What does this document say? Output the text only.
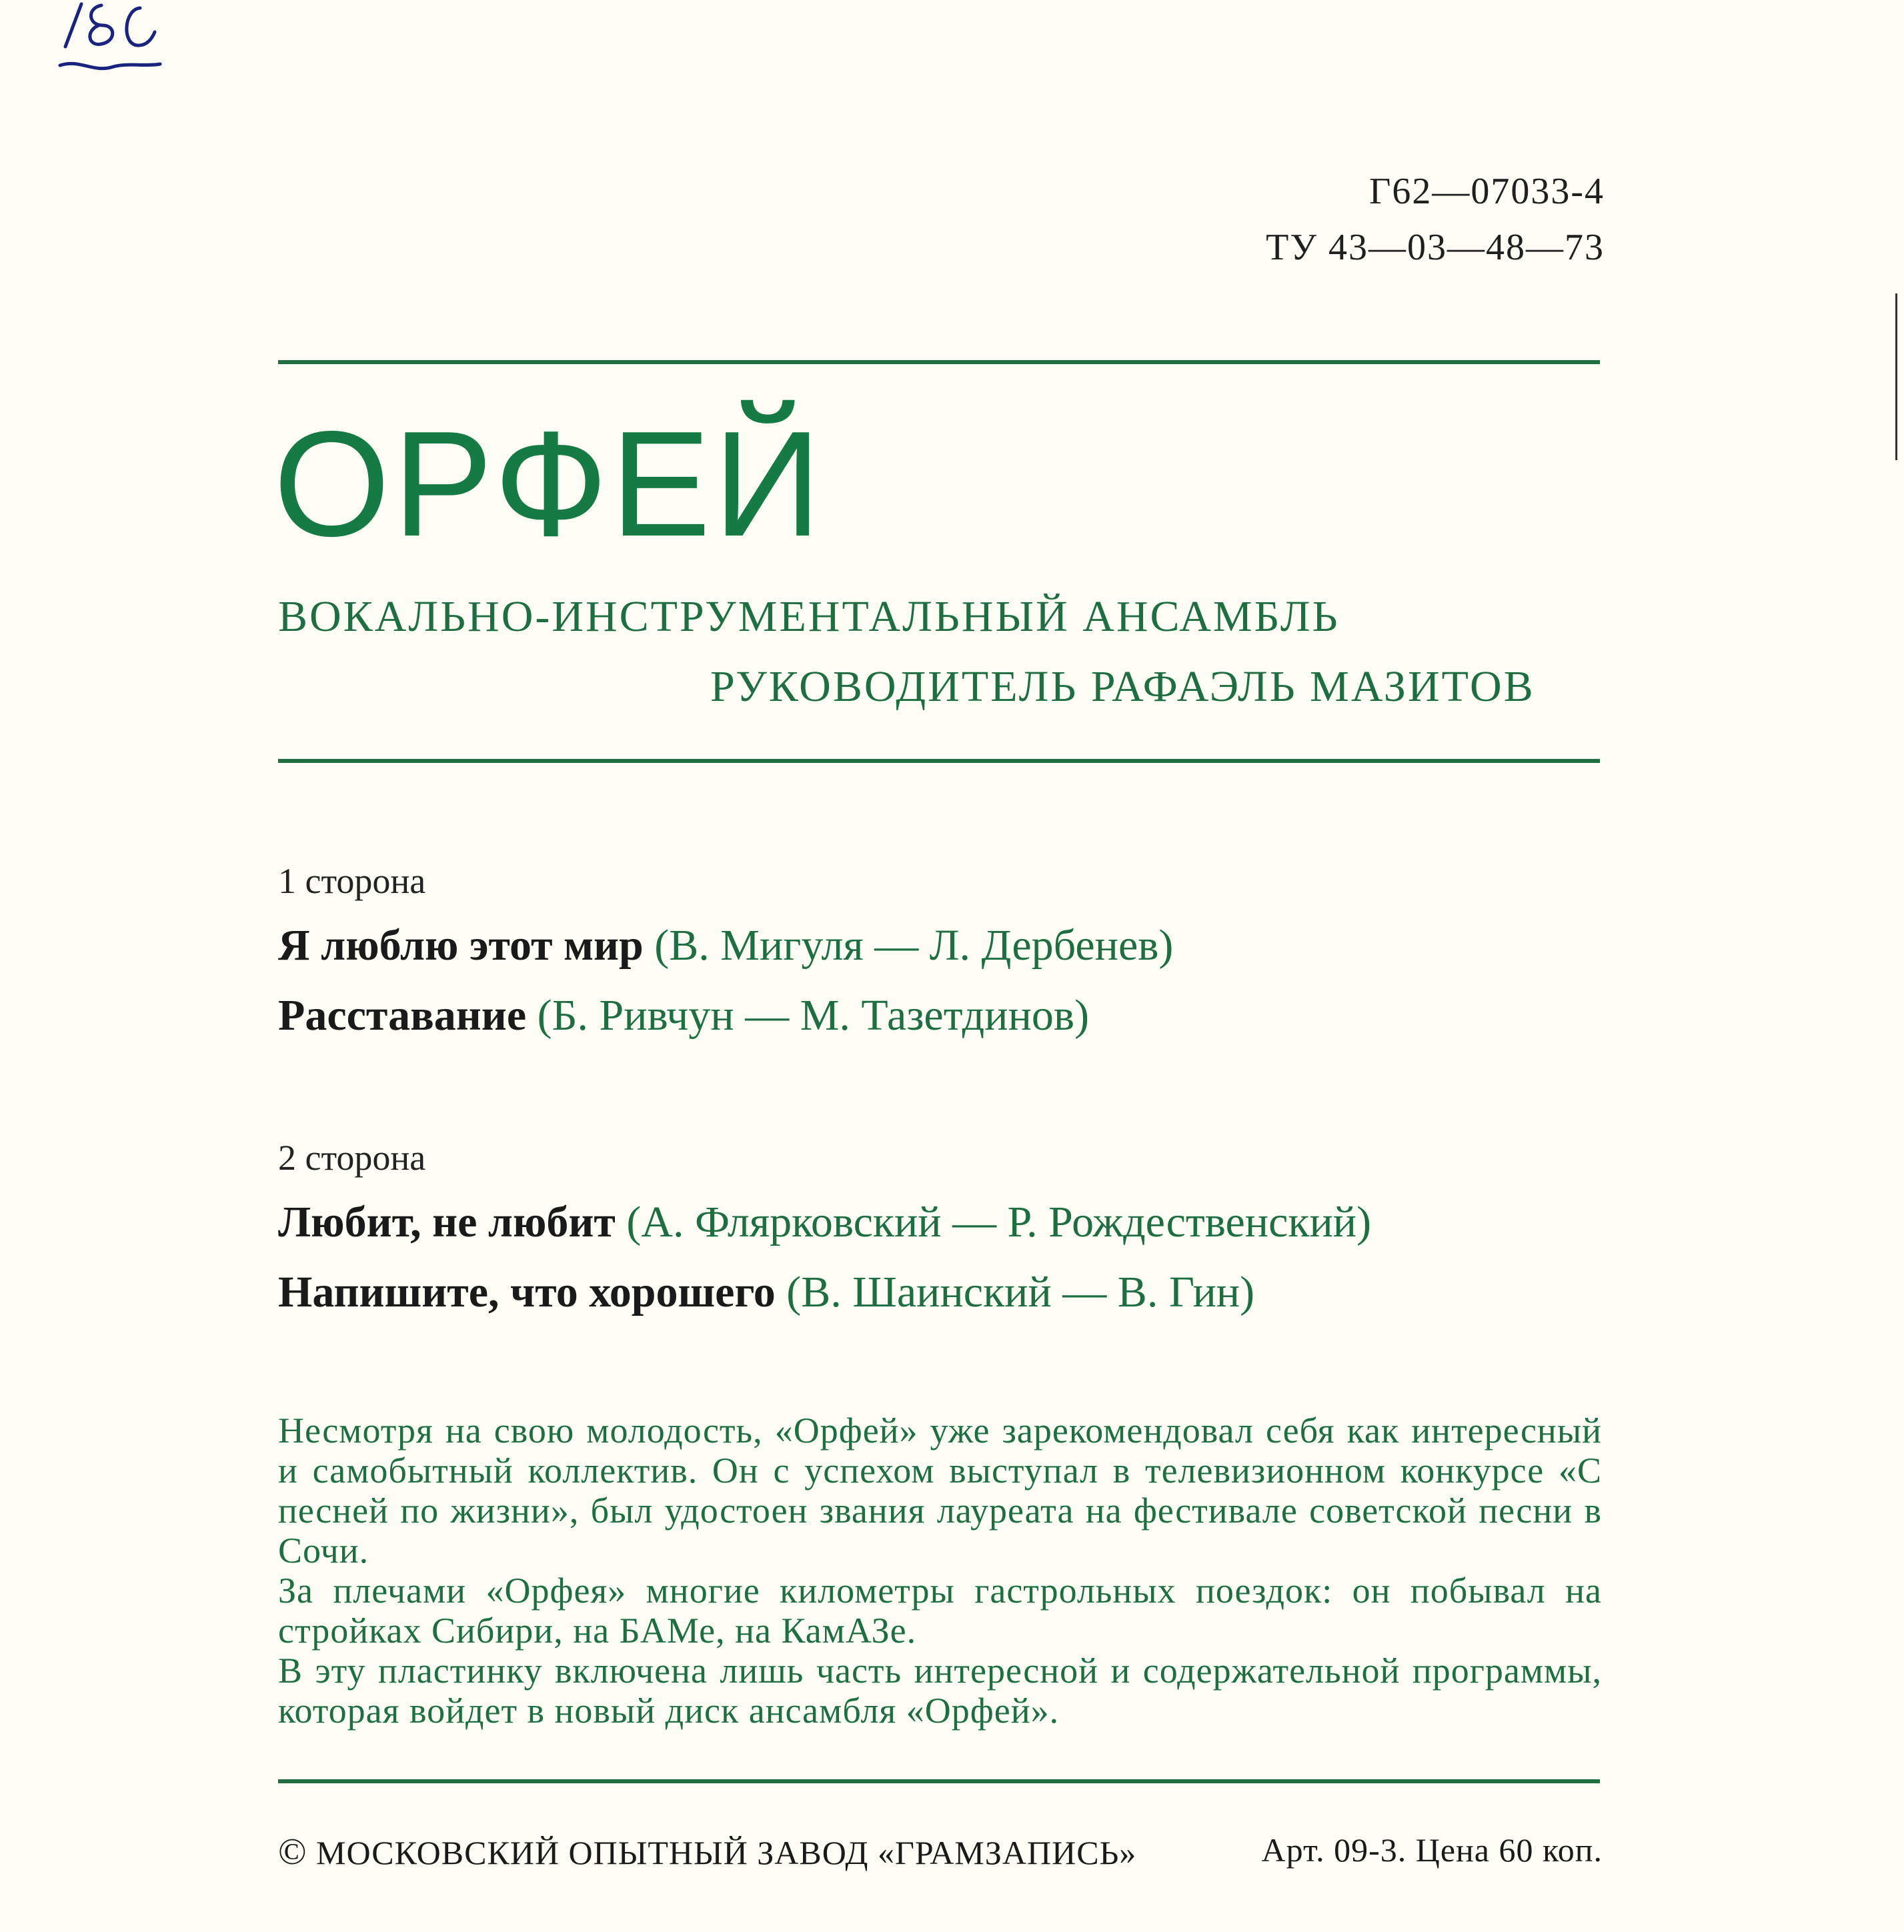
Г62—07033-4
ТУ 43—03—48—73
ОРФЕЙ
ВОКАЛЬНО-ИНСТРУМЕНТАЛЬНЫЙ АНСАМБЛЬ
РУКОВОДИТЕЛЬ РАФАЭЛЬ МАЗИТОВ
1 сторона
Я люблю этот мир (В. Мигуля — Л. Дербенев)
Расставание (Б. Ривчун — М. Тазетдинов)
2 сторона
Любит, не любит (А. Флярковский — Р. Рождественский)
Напишите, что хорошего (В. Шаинский — В. Гин)

Несмотря на свою молодость, «Орфей» уже зарекомендовал себя как интересный и самобытный коллектив. Он с успехом выступал в телевизионном конкурсе «С песней по жизни», был удостоен звания лауреата на фестивале советской песни в Сочи.

За плечами «Орфея» многие километры гастрольных поездок: он побывал на стройках Сибири, на БАМе, на КамАЗе.

В эту пластинку включена лишь часть интересной и содержательной программы, которая войдет в новый диск ансамбля «Орфей».

© МОСКОВСКИЙ ОПЫТНЫЙ ЗАВОД «ГРАМЗАПИСЬ»	Арт. 09-3. Цена 60 коп.
